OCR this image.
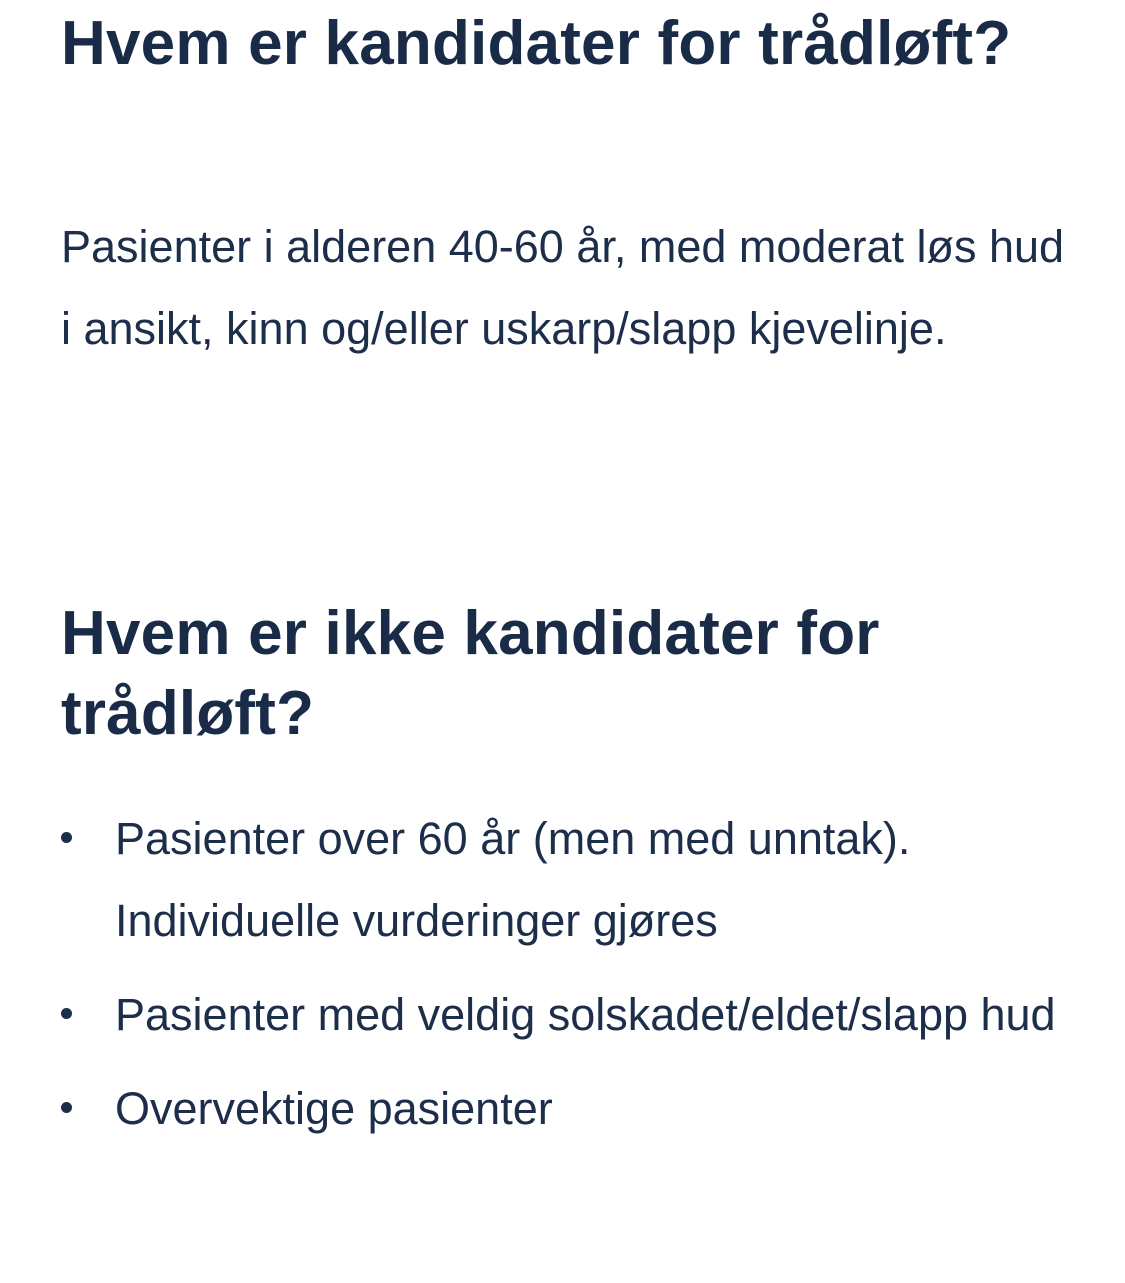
Hvem er kandidater for trådløft?

Pasienter i alderen 40-60 år, med moderat løs hud i ansikt, kinn og/eller uskarp/slapp kjevelinje.

Hvem er ikke kandidater for trådløft?
Pasienter over 60 år (men med unntak). Individuelle vurderinger gjøres
Pasienter med veldig solskadet/eldet/slapp hud
Overvektige pasienter
